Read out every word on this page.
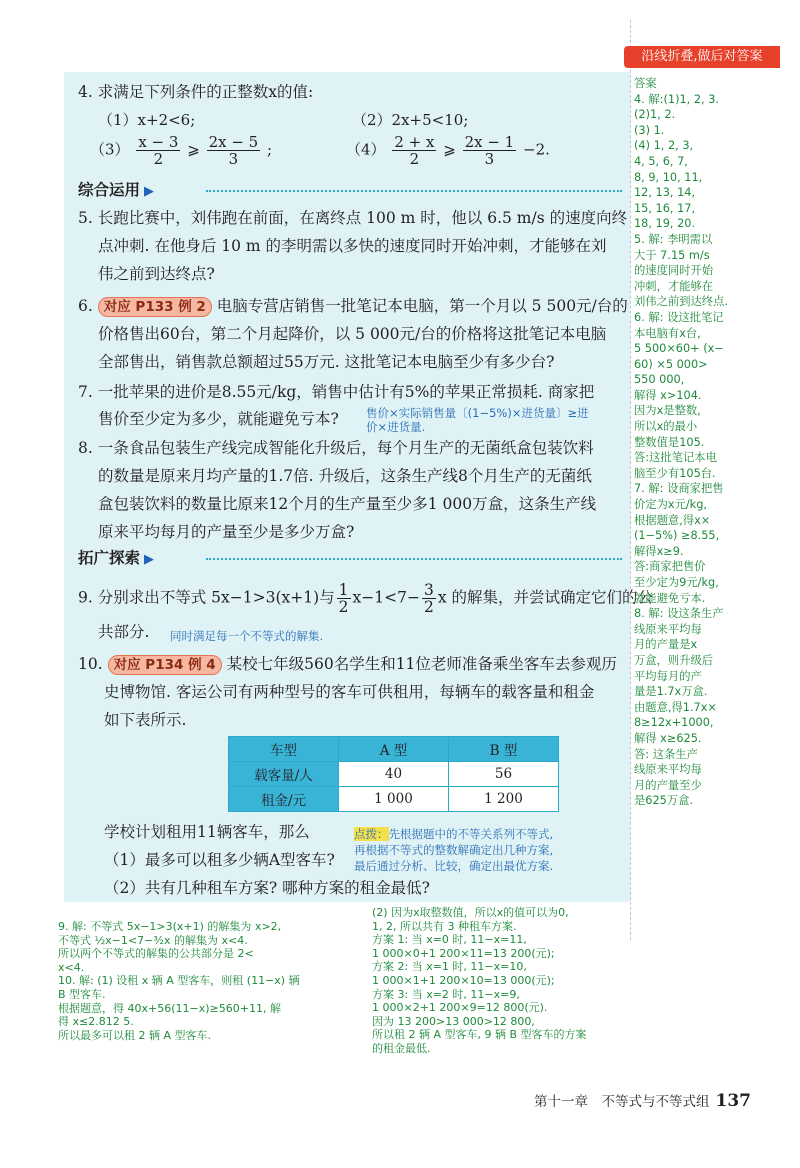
沿线折叠,做后对答案
4. 求满足下列条件的正整数x的值:
（1）x+2<6;	（2）2x+5<10;
$(3) \frac{x - 3}{2}$ ⩾ $\frac{2x - 5}{3}$ ;	$(4) \frac{2 + x}{2}$ ⩾ $\frac{2x - 1}{3} -2$.
综合运用 ▶
5. 长跑比赛中，刘伟跑在前面，在离终点 100 m 时，他以 6.5 m/s 的速度向终
点冲刺. 在他身后 10 m 的李明需以多快的速度同时开始冲刺，才能够在刘
伟之前到达终点?
6. 对应 P133 例 2 电脑专营店销售一批笔记本电脑，第一个月以 5 500元/台的
价格售出60台，第二个月起降价，以 5 000元/台的价格将这批笔记本电脑
全部售出，销售款总额超过55万元. 这批笔记本电脑至少有多少台?
7. 一批苹果的进价是8.55元/kg，销售中估计有5%的苹果正常损耗. 商家把
售价至少定为多少，就能避免亏本? 售价×实际销售量〔(1−5%)×进货量〕≥进
价×进货量.
8. 一条食品包装生产线完成智能化升级后，每个月生产的无菌纸盒包装饮料
的数量是原来月均产量的1.7倍. 升级后，这条生产线8个月生产的无菌纸
盒包装饮料的数量比原来12个月的生产量至少多1 000万盒，这条生产线
原来平均每月的产量至少是多少万盒?
拓广探索 ▶
9. 分别求出不等式 5x−1>3(x+1)与 $\frac{1}{2} x-1<7- \frac{3}{2}$ x 的解集，并尝试确定它们的公
共部分. 同时满足每一个不等式的解集.
10. 对应 P134 例 4 某校七年级560名学生和11位老师准备乘坐客车去参观历
史博物馆. 客运公司有两种型号的客车可供租用，每辆车的载客量和租金
如下表所示.
车型	A 型	B 型
载客量/人	40	56
租金/元	1 000	1 200
学校计划租用11辆客车，那么
（1）最多可以租多少辆A型客车?
（2）共有几种租车方案? 哪种方案的租金最低?
点拨：先根据题中的不等关系列不等式,
再根据不等式的整数解确定出几种方案,
最后通过分析、比较，确定出最优方案.
答案
4. 解:(1)1, 2, 3.
(2)1, 2.
(3) 1.
(4) 1, 2, 3,
4, 5, 6, 7,
8, 9, 10, 11,
12, 13, 14,
15, 16, 17,
18, 19, 20.
5. 解: 李明需以
大于 7.15 m/s
的速度同时开始
冲刺，才能够在
刘伟之前到达终点.
6. 解: 设这批笔记
本电脑有x台,
5 500×60+ (x−
60) ×5 000>
550 000,
解得 x>104.
因为x是整数,
所以x的最小
整数值是105.
答:这批笔记本电
脑至少有105台.
7. 解: 设商家把售
价定为x元/kg,
根据题意,得x×
(1−5%) ≥8.55,
解得x≥9.
答:商家把售价
至少定为9元/kg,
就能避免亏本.
8. 解: 设这条生产
线原来平均每
月的产量是x
万盒，则升级后
平均每月的产
量是1.7x万盒.
由题意,得1.7x×
8≥12x+1000,
解得 x≥625.
答: 这条生产
线原来平均每
月的产量至少
是625万盒.
9. 解: 不等式 5x−1>3(x+1) 的解集为 x>2,
不等式 ½x−1<7−³⁄₂x 的解集为 x<4.
所以两个不等式的解集的公共部分是 2<
x<4.
10. 解: (1) 设租 x 辆 A 型客车，则租 (11−x) 辆
B 型客车.
根据题意，得 40x+56(11−x)≥560+11, 解
得 x≤2.812 5.
所以最多可以租 2 辆 A 型客车.
(2) 因为x取整数值，所以x的值可以为0,
1, 2, 所以共有 3 种租车方案.
方案 1: 当 x=0 时, 11−x=11,
1 000×0+1 200×11=13 200(元);
方案 2: 当 x=1 时, 11−x=10,
1 000×1+1 200×10=13 000(元);
方案 3: 当 x=2 时, 11−x=9,
1 000×2+1 200×9=12 800(元).
因为 13 200>13 000>12 800,
所以租 2 辆 A 型客车, 9 辆 B 型客车的方案
的租金最低.
第十一章　不等式与不等式组 137
